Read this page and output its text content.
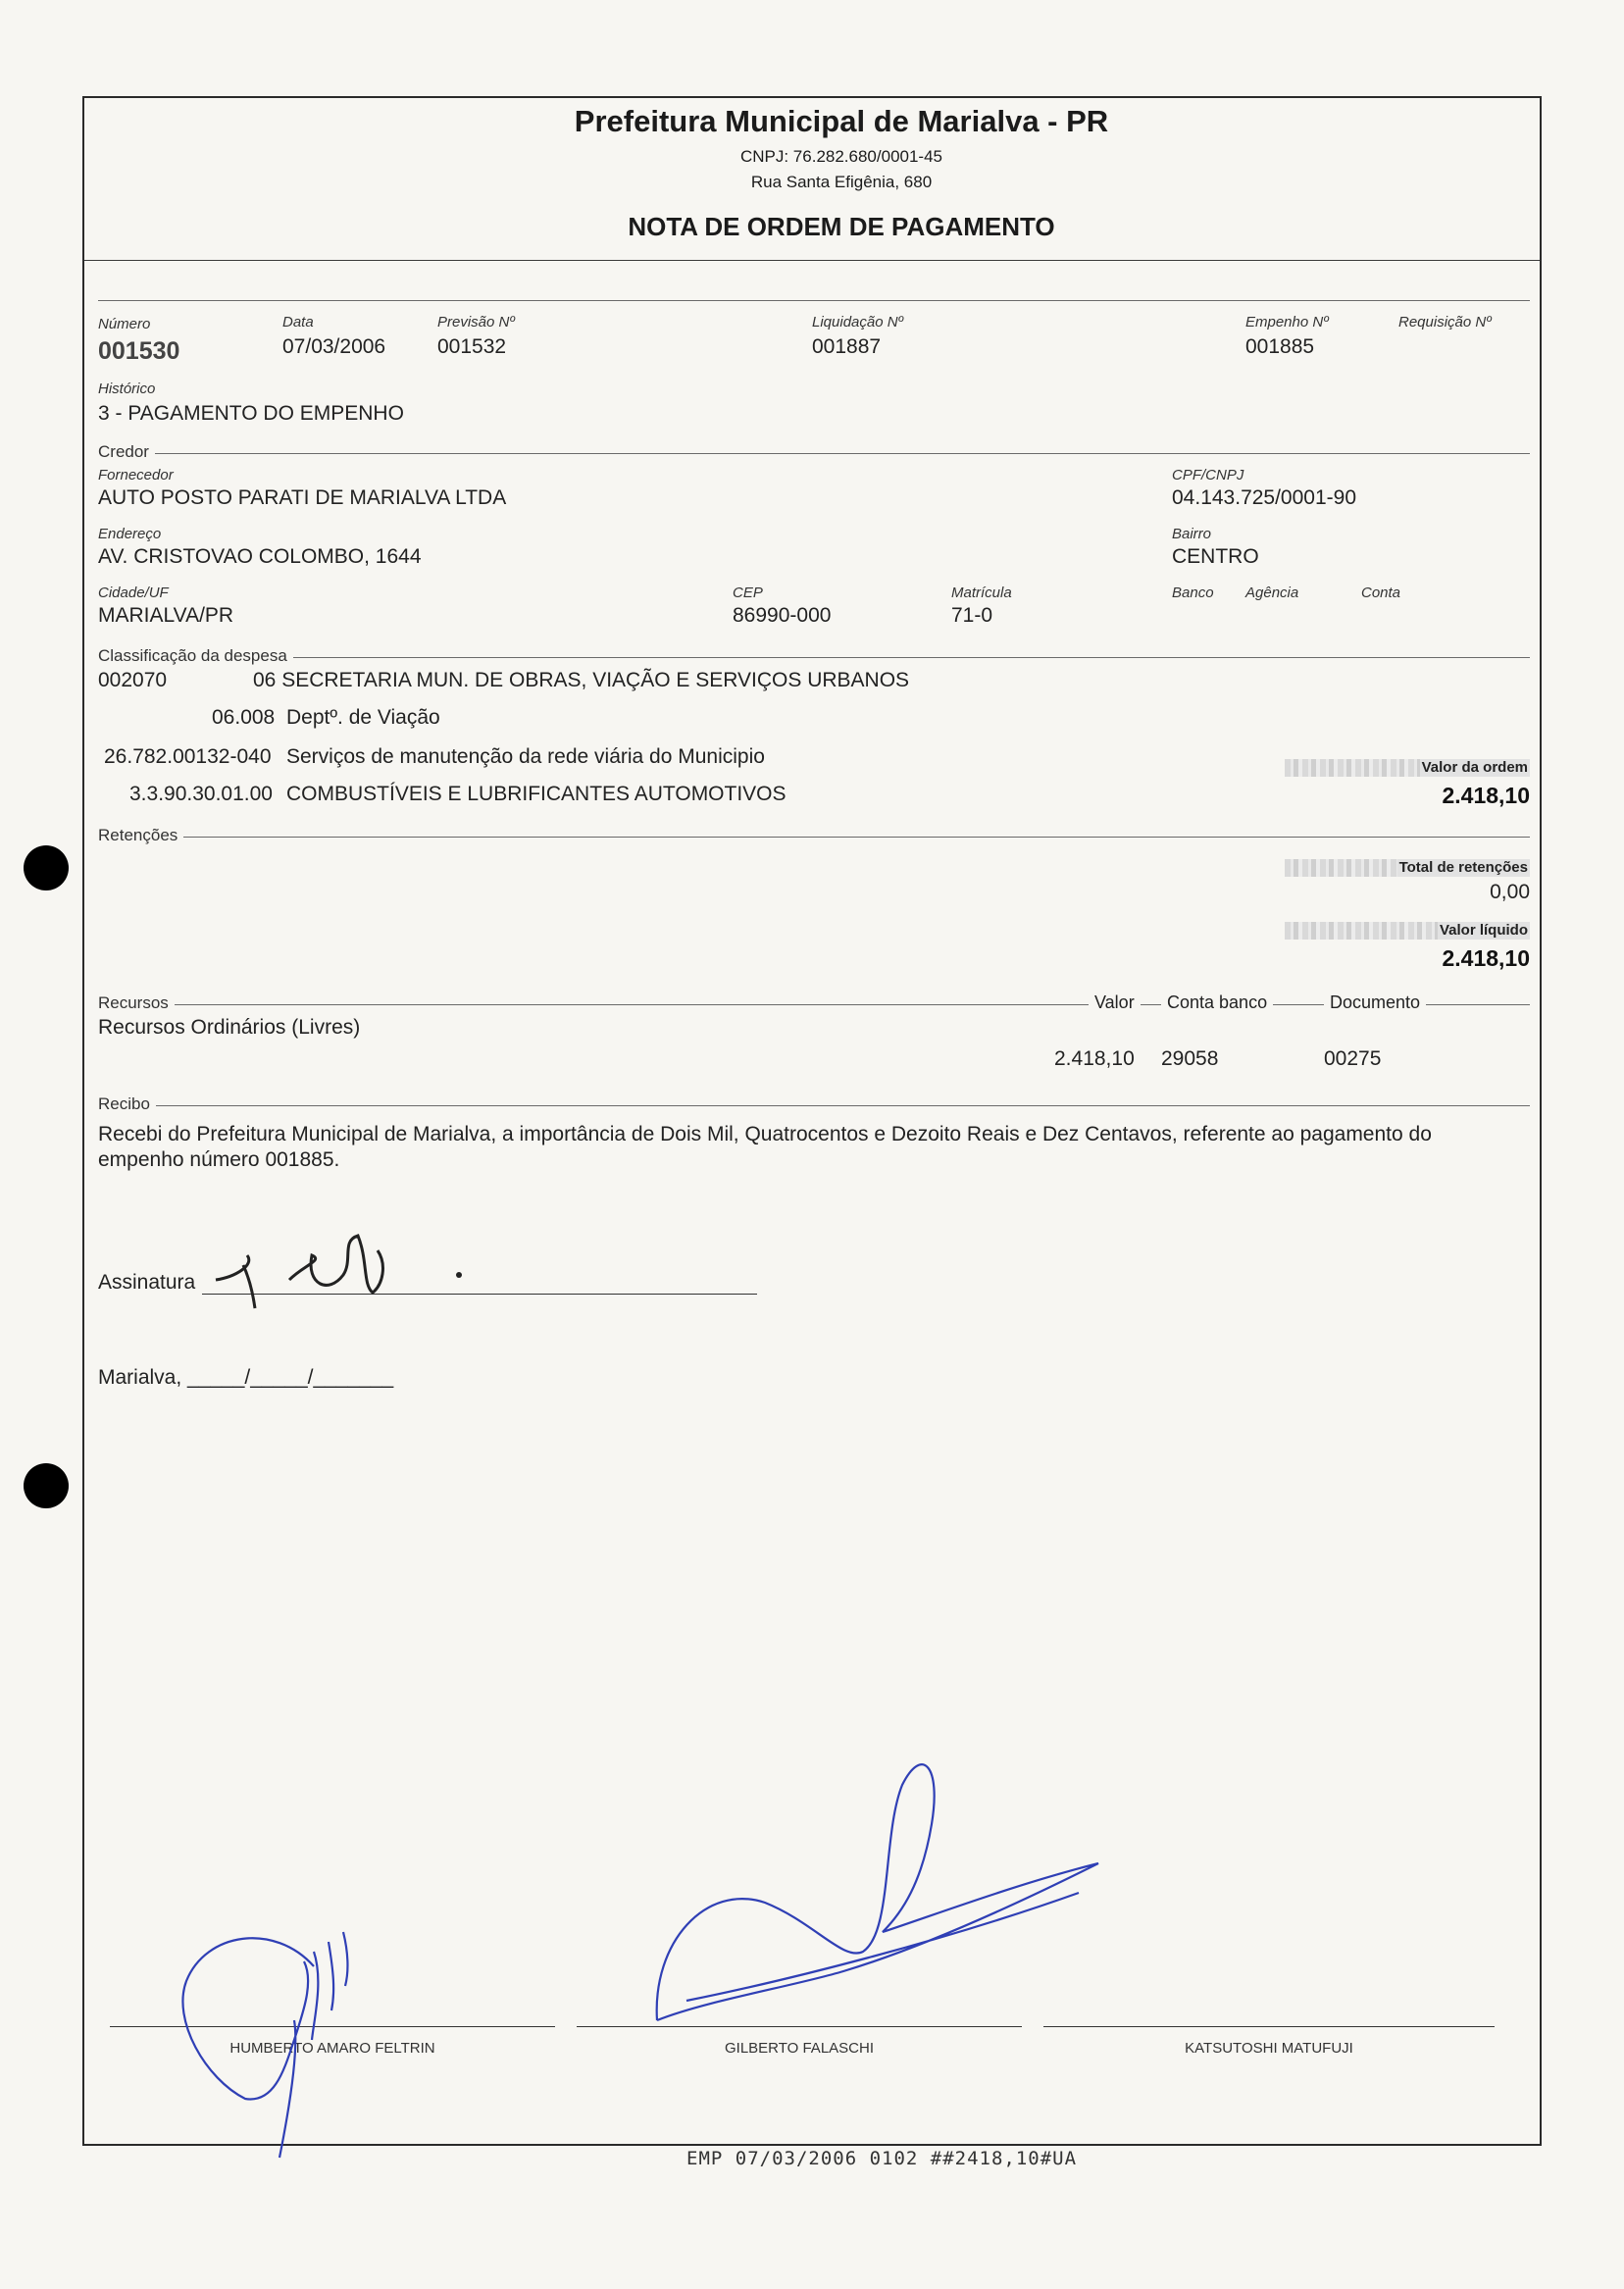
Prefeitura Municipal de Marialva - PR
CNPJ: 76.282.680/0001-45
Rua Santa Efigênia, 680
NOTA DE ORDEM DE PAGAMENTO
Número
001530
Data
07/03/2006
Previsão Nº
001532
Liquidação Nº
001887
Empenho Nº
001885
Requisição Nº
Histórico
3 - PAGAMENTO DO EMPENHO
Credor
Fornecedor
AUTO POSTO PARATI DE MARIALVA LTDA
CPF/CNPJ
04.143.725/0001-90
Endereço
AV. CRISTOVAO COLOMBO, 1644
Bairro
CENTRO
Cidade/UF
MARIALVA/PR
CEP
86990-000
Matrícula
71-0
Banco Agência	Conta
Classificação da despesa
002070	06 SECRETARIA MUN. DE OBRAS, VIAÇÃO E SERVIÇOS URBANOS
06.008 Deptº. de Viação
26.782.00132-040 Serviços de manutenção da rede viária do Municipio
3.3.90.30.01.00 COMBUSTÍVEIS E LUBRIFICANTES AUTOMOTIVOS
Valor da ordem
2.418,10
Retenções
Total de retenções
0,00
Valor líquido
2.418,10
Recursos	Valor	Conta banco	Documento
Recursos Ordinários (Livres)
2.418,10 29058	00275
Recibo
Recebi do Prefeitura Municipal de Marialva, a importância de Dois Mil, Quatrocentos e Dezoito Reais e Dez Centavos, referente ao pagamento do empenho número 001885.
Assinatura
Marialva, _____/_____/_______
HUMBERTO AMARO FELTRIN	GILBERTO FALASCHI	KATSUTOSHI MATUFUJI
EMP 07/03/2006 0102 ##2418,10#UA
